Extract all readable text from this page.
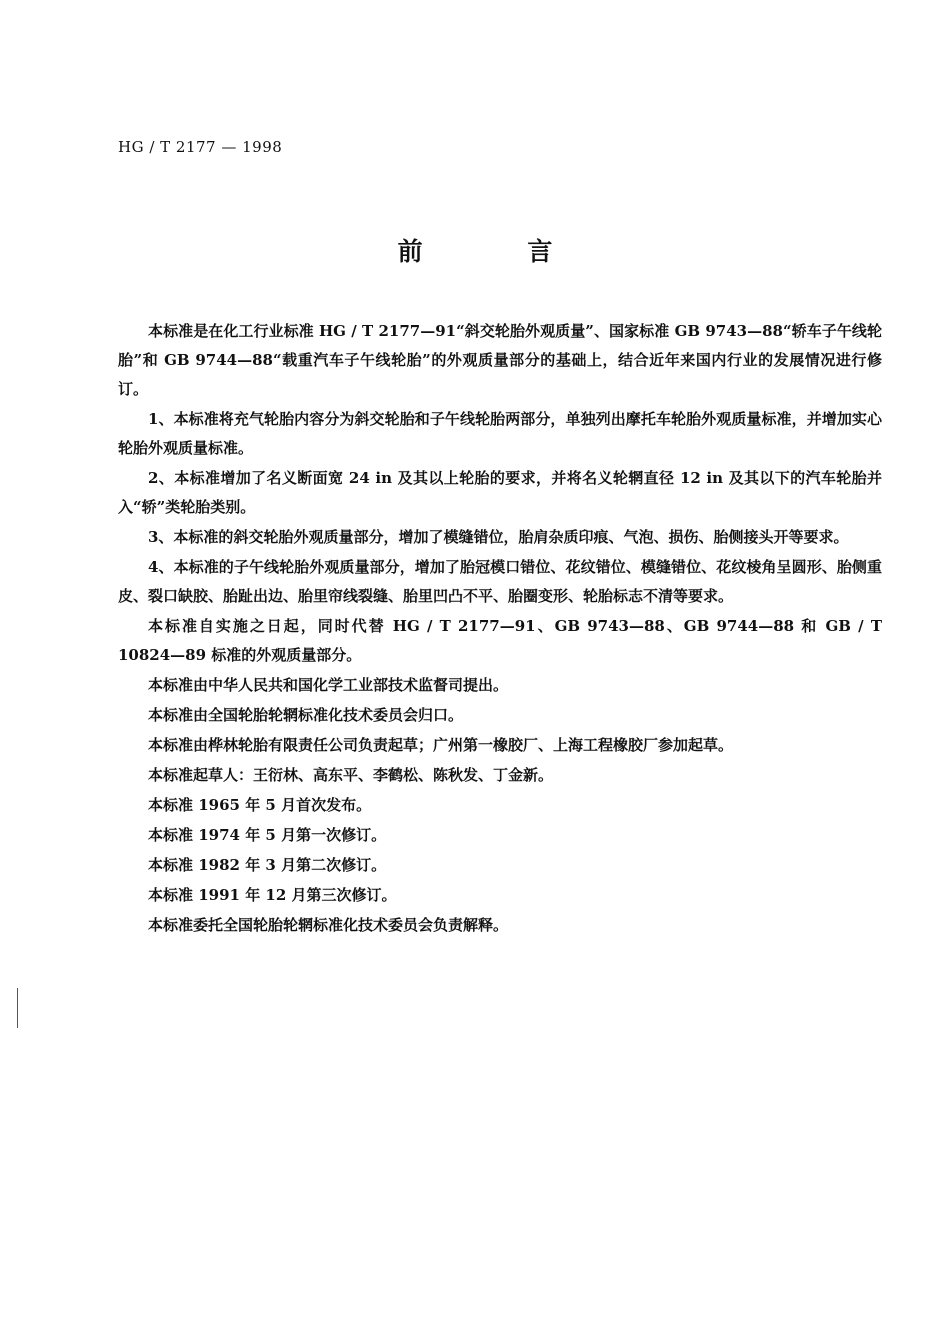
HG / T 2177 — 1998
前 言

本标准是在化工行业标准 HG / T 2177—91“斜交轮胎外观质量”、国家标准 GB 9743—88“轿车子午线轮胎”和 GB 9744—88“载重汽车子午线轮胎”的外观质量部分的基础上，结合近年来国内行业的发展情况进行修订。

1、本标准将充气轮胎内容分为斜交轮胎和子午线轮胎两部分，单独列出摩托车轮胎外观质量标准，并增加实心轮胎外观质量标准。

2、本标准增加了名义断面宽 24 in 及其以上轮胎的要求，并将名义轮辋直径 12 in 及其以下的汽车轮胎并入“轿”类轮胎类别。

3、本标准的斜交轮胎外观质量部分，增加了模缝错位，胎肩杂质印痕、气泡、损伤、胎侧接头开等要求。

4、本标准的子午线轮胎外观质量部分，增加了胎冠模口错位、花纹错位、模缝错位、花纹棱角呈圆形、胎侧重皮、裂口缺胶、胎趾出边、胎里帘线裂缝、胎里凹凸不平、胎圈变形、轮胎标志不清等要求。

本标准自实施之日起，同时代替 HG / T 2177—91、GB 9743—88、GB 9744—88 和 GB / T 10824—89 标准的外观质量部分。

本标准由中华人民共和国化学工业部技术监督司提出。

本标准由全国轮胎轮辋标准化技术委员会归口。

本标准由桦林轮胎有限责任公司负责起草；广州第一橡胶厂、上海工程橡胶厂参加起草。

本标准起草人：王衍林、高东平、李鹤松、陈秋发、丁金新。

本标准 1965 年 5 月首次发布。

本标准 1974 年 5 月第一次修订。

本标准 1982 年 3 月第二次修订。

本标准 1991 年 12 月第三次修订。

本标准委托全国轮胎轮辋标准化技术委员会负责解释。
